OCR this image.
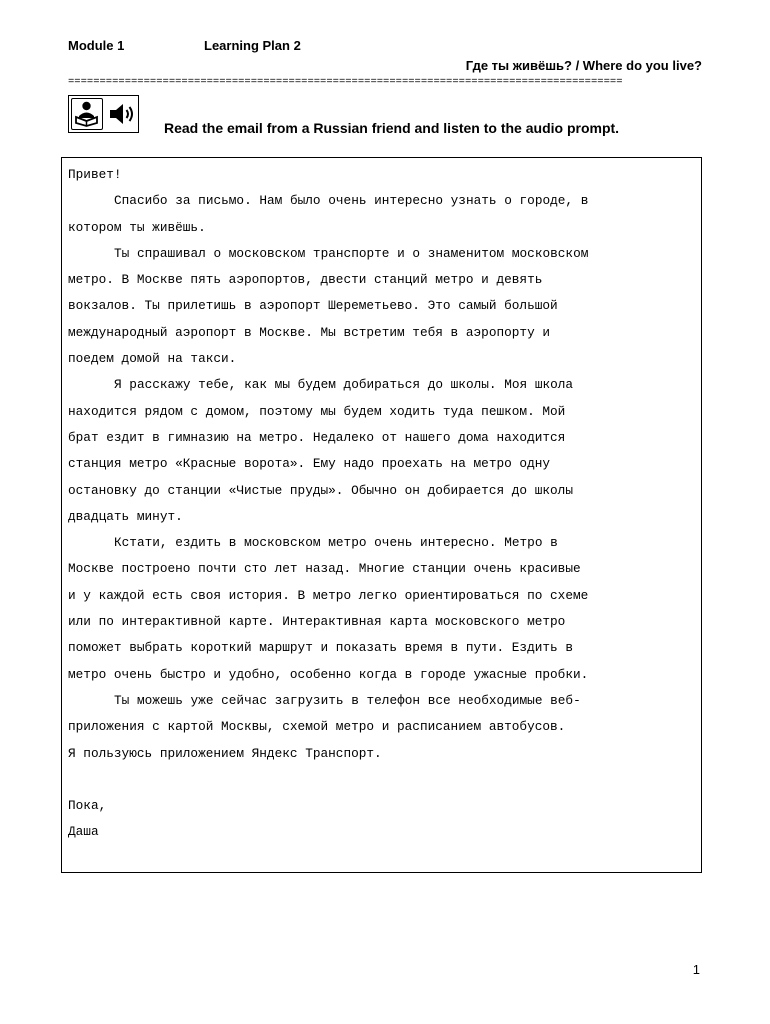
Module 1	Learning Plan 2
Где ты живёшь? / Where do you live?
========================================================================================
Read the email from a Russian friend and listen to the audio prompt.
Привет!
Спасибо за письмо. Нам было очень интересно узнать о городе, в
котором ты живёшь.
Ты спрашивал о московском транспорте и о знаменитом московском
метро. В Москве пять аэропортов, двести станций метро и девять
вокзалов. Ты прилетишь в аэропорт Шереметьево. Это самый большой
международный аэропорт в Москве. Мы встретим тебя в аэропорту и
поедем домой на такси.
Я расскажу тебе, как мы будем добираться до школы. Моя школа
находится рядом с домом, поэтому мы будем ходить туда пешком. Мой
брат ездит в гимназию на метро. Недалеко от нашего дома находится
станция метро «Красные ворота». Ему надо проехать на метро одну
остановку до станции «Чистые пруды». Обычно он добирается до школы
двадцать минут.
Кстати, ездить в московском метро очень интересно. Метро в
Москве построено почти сто лет назад. Многие станции очень красивые
и у каждой есть своя история. В метро легко ориентироваться по схеме
или по интерактивной карте. Интерактивная карта московского метро
поможет выбрать короткий маршрут и показать время в пути. Ездить в
метро очень быстро и удобно, особенно когда в городе ужасные пробки.
Ты можешь уже сейчас загрузить в телефон все необходимые веб-
приложения с картой Москвы, схемой метро и расписанием автобусов.
Я пользуюсь приложением Яндекс Транспорт.
Пока,
Даша
1
